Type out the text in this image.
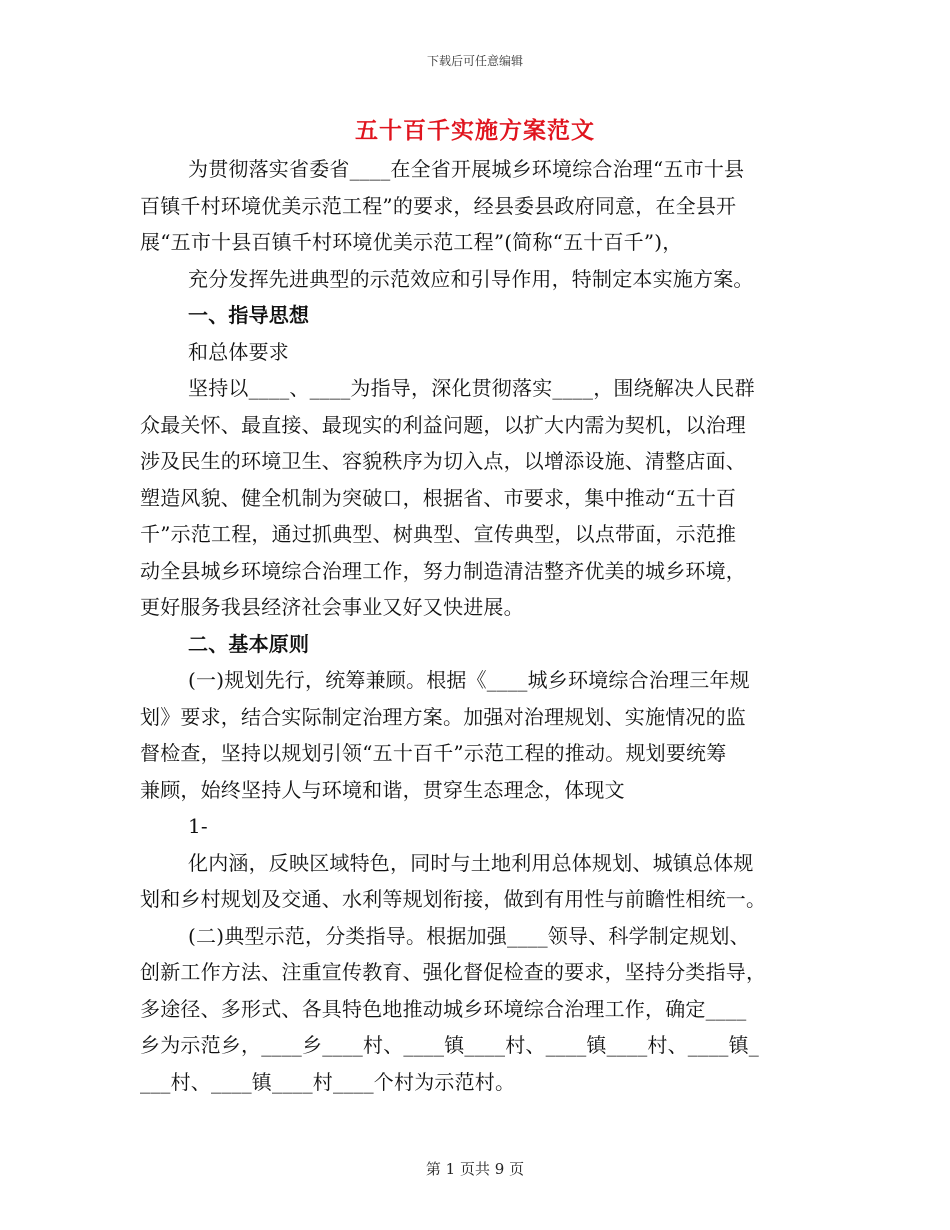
下载后可任意编辑
五十百千实施方案范文
为贯彻落实省委省____在全省开展城乡环境综合治理“五市十县
百镇千村环境优美示范工程”的要求，经县委县政府同意，在全县开
展“五市十县百镇千村环境优美示范工程”(简称“五十百千”)，
充分发挥先进典型的示范效应和引导作用，特制定本实施方案。
一、指导思想
和总体要求
坚持以____、____为指导，深化贯彻落实____，围绕解决人民群
众最关怀、最直接、最现实的利益问题，以扩大内需为契机，以治理
涉及民生的环境卫生、容貌秩序为切入点，以增添设施、清整店面、
塑造风貌、健全机制为突破口，根据省、市要求，集中推动“五十百
千”示范工程，通过抓典型、树典型、宣传典型，以点带面，示范推
动全县城乡环境综合治理工作，努力制造清洁整齐优美的城乡环境，
更好服务我县经济社会事业又好又快进展。
二、基本原则
(一)规划先行，统筹兼顾。根据《____城乡环境综合治理三年规
划》要求，结合实际制定治理方案。加强对治理规划、实施情况的监
督检查，坚持以规划引领“五十百千”示范工程的推动。规划要统筹
兼顾，始终坚持人与环境和谐，贯穿生态理念，体现文
1-
化内涵，反映区域特色，同时与土地利用总体规划、城镇总体规
划和乡村规划及交通、水利等规划衔接，做到有用性与前瞻性相统一。
(二)典型示范，分类指导。根据加强____领导、科学制定规划、
创新工作方法、注重宣传教育、强化督促检查的要求，坚持分类指导，
多途径、多形式、各具特色地推动城乡环境综合治理工作，确定____
乡为示范乡，____乡____村、____镇____村、____镇____村、____镇_
___村、____镇____村____个村为示范村。
第 1 页共 9 页
